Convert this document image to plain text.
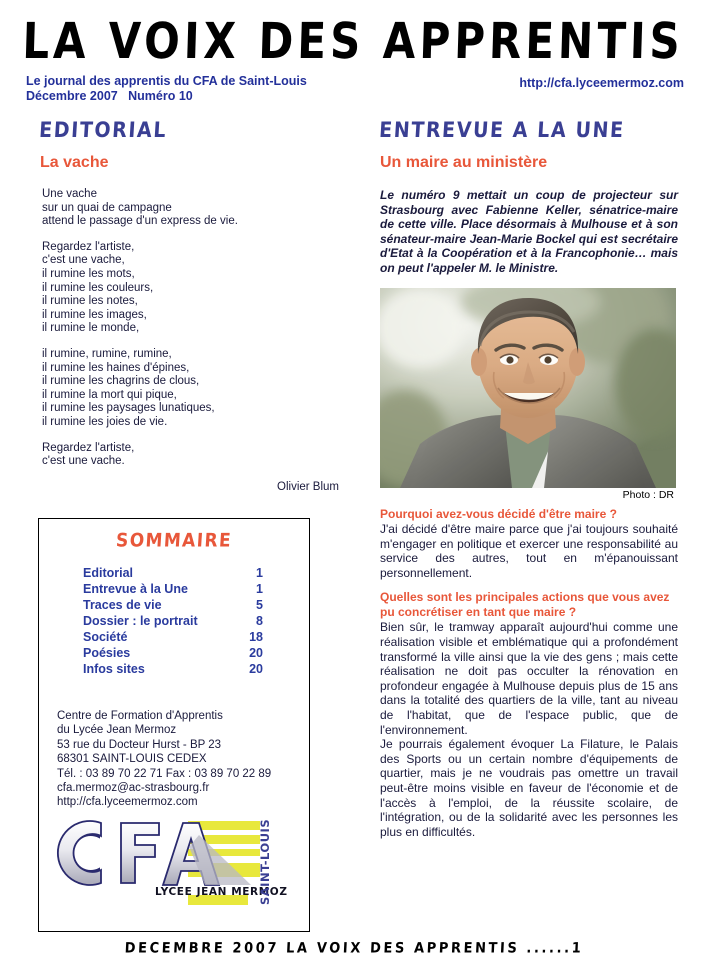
LA VOIX DES APPRENTIS
Le journal des apprentis du CFA de Saint-Louis
Décembre 2007   Numéro 10
http://cfa.lyceemermoz.com
EDITORIAL
La vache
Une vache
sur un quai de campagne
attend le passage d'un express de vie.
Regardez l'artiste,
c'est une vache,
il rumine les mots,
il rumine les couleurs,
il rumine les notes,
il rumine les images,
il rumine le monde,
il rumine, rumine, rumine,
il rumine les haines d'épines,
il rumine les chagrins de clous,
il rumine la mort qui pique,
il rumine les paysages lunatiques,
il rumine les joies de vie.
Regardez l'artiste,
c'est une vache.
Olivier Blum
SOMMAIRE
Editorial	1
Entrevue à la Une	1
Traces de vie	5
Dossier : le portrait	8
Société	18
Poésies	20
Infos sites	20
Centre de Formation d'Apprentis
du Lycée Jean Mermoz
53 rue du Docteur Hurst - BP 23
68301 SAINT-LOUIS CEDEX
Tél. : 03 89 70 22 71 Fax : 03 89 70 22 89
cfa.mermoz@ac-strasbourg.fr
http://cfa.lyceemermoz.com
LYCEE JEAN MERMOZ
SAINT-LOUIS
ENTREVUE A LA UNE
Un maire au ministère
Le numéro 9 mettait un coup de projecteur sur Strasbourg avec Fabienne Keller, sénatrice-maire de cette ville. Place désormais à Mulhouse et à son sénateur-maire Jean-Marie Bockel qui est secrétaire d'Etat à la Coopération et à la Francophonie… mais on peut l'appeler M. le Ministre.
Photo : DR
Pourquoi avez-vous décidé d'être maire ?
J'ai décidé d'être maire parce que j'ai toujours souhaité m'engager en politique et exercer une responsabilité au service des autres, tout en m'épanouissant personnellement.
Quelles sont les principales actions que vous avez pu concrétiser en tant que maire ?
Bien sûr, le tramway apparaît aujourd'hui comme une réalisation visible et emblématique qui a profondément transformé la ville ainsi que la vie des gens ; mais cette réalisation ne doit pas occulter la rénovation en profondeur engagée à Mulhouse depuis plus de 15 ans dans la totalité des quartiers de la ville, tant au niveau de l'habitat, que de l'espace public, que de l'environnement.
Je pourrais également évoquer La Filature, le Palais des Sports ou un certain nombre d'équipements de quartier, mais je ne voudrais pas omettre un travail peut-être moins visible en faveur de l'économie et de l'accès à l'emploi, de la réussite scolaire, de l'intégration, ou de la solidarité avec les personnes les plus en difficultés.
DECEMBRE 2007 LA VOIX DES APPRENTIS ......1
